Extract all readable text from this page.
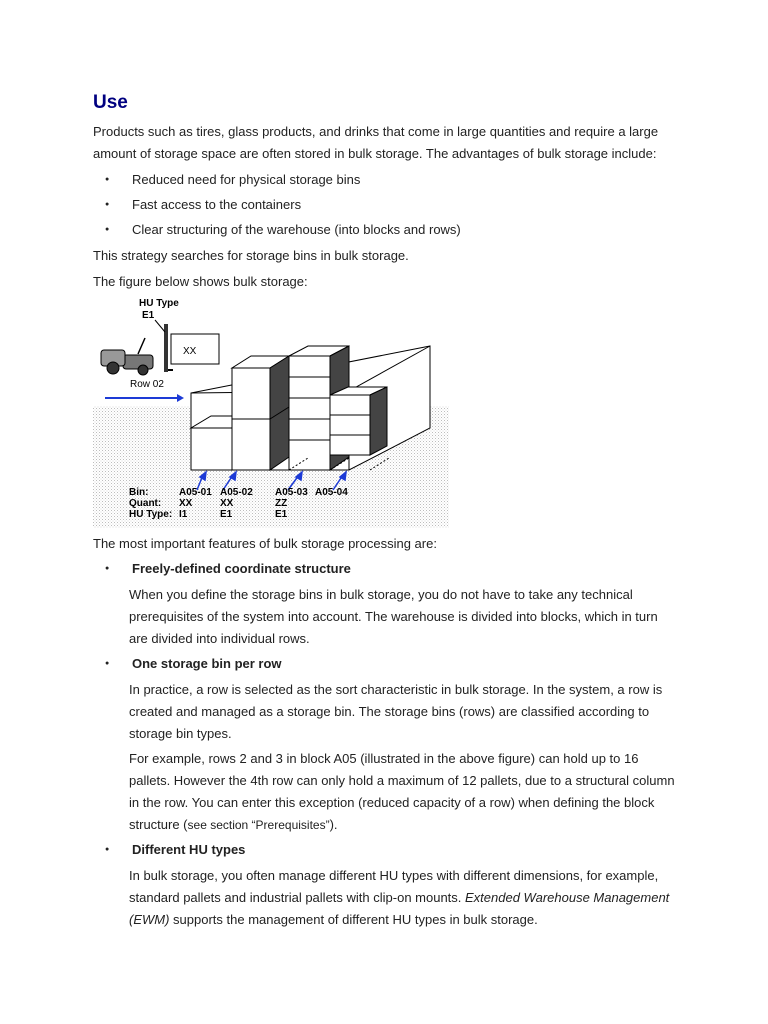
Use

Products such as tires, glass products, and drinks that come in large quantities and require a large amount of storage space are often stored in bulk storage. The advantages of bulk storage include:

● Reduced need for physical storage bins
● Fast access to the containers
● Clear structuring of the warehouse (into blocks and rows)

This strategy searches for storage bins in bulk storage.

The figure below shows bulk storage:

XX
HU Type
E1
Row 02
Bin:
Quant:
HU Type:
A05-01
XX
I1
A05-02
XX
E1
A05-03
ZZ
E1
A05-04

The most important features of bulk storage processing are:

● Freely-defined coordinate structure

When you define the storage bins in bulk storage, you do not have to take any technical prerequisites of the system into account. The warehouse is divided into blocks, which in turn are divided into individual rows.

● One storage bin per row

In practice, a row is selected as the sort characteristic in bulk storage. In the system, a row is created and managed as a storage bin. The storage bins (rows) are classified according to storage bin types.

For example, rows 2 and 3 in block A05 (illustrated in the above figure) can hold up to 16 pallets. However the 4th row can only hold a maximum of 12 pallets, due to a structural column in the row. You can enter this exception (reduced capacity of a row) when defining the block structure (see section “Prerequisites”).

● Different HU types

In bulk storage, you often manage different HU types with different dimensions, for example, standard pallets and industrial pallets with clip-on mounts. Extended Warehouse Management (EWM) supports the management of different HU types in bulk storage.
